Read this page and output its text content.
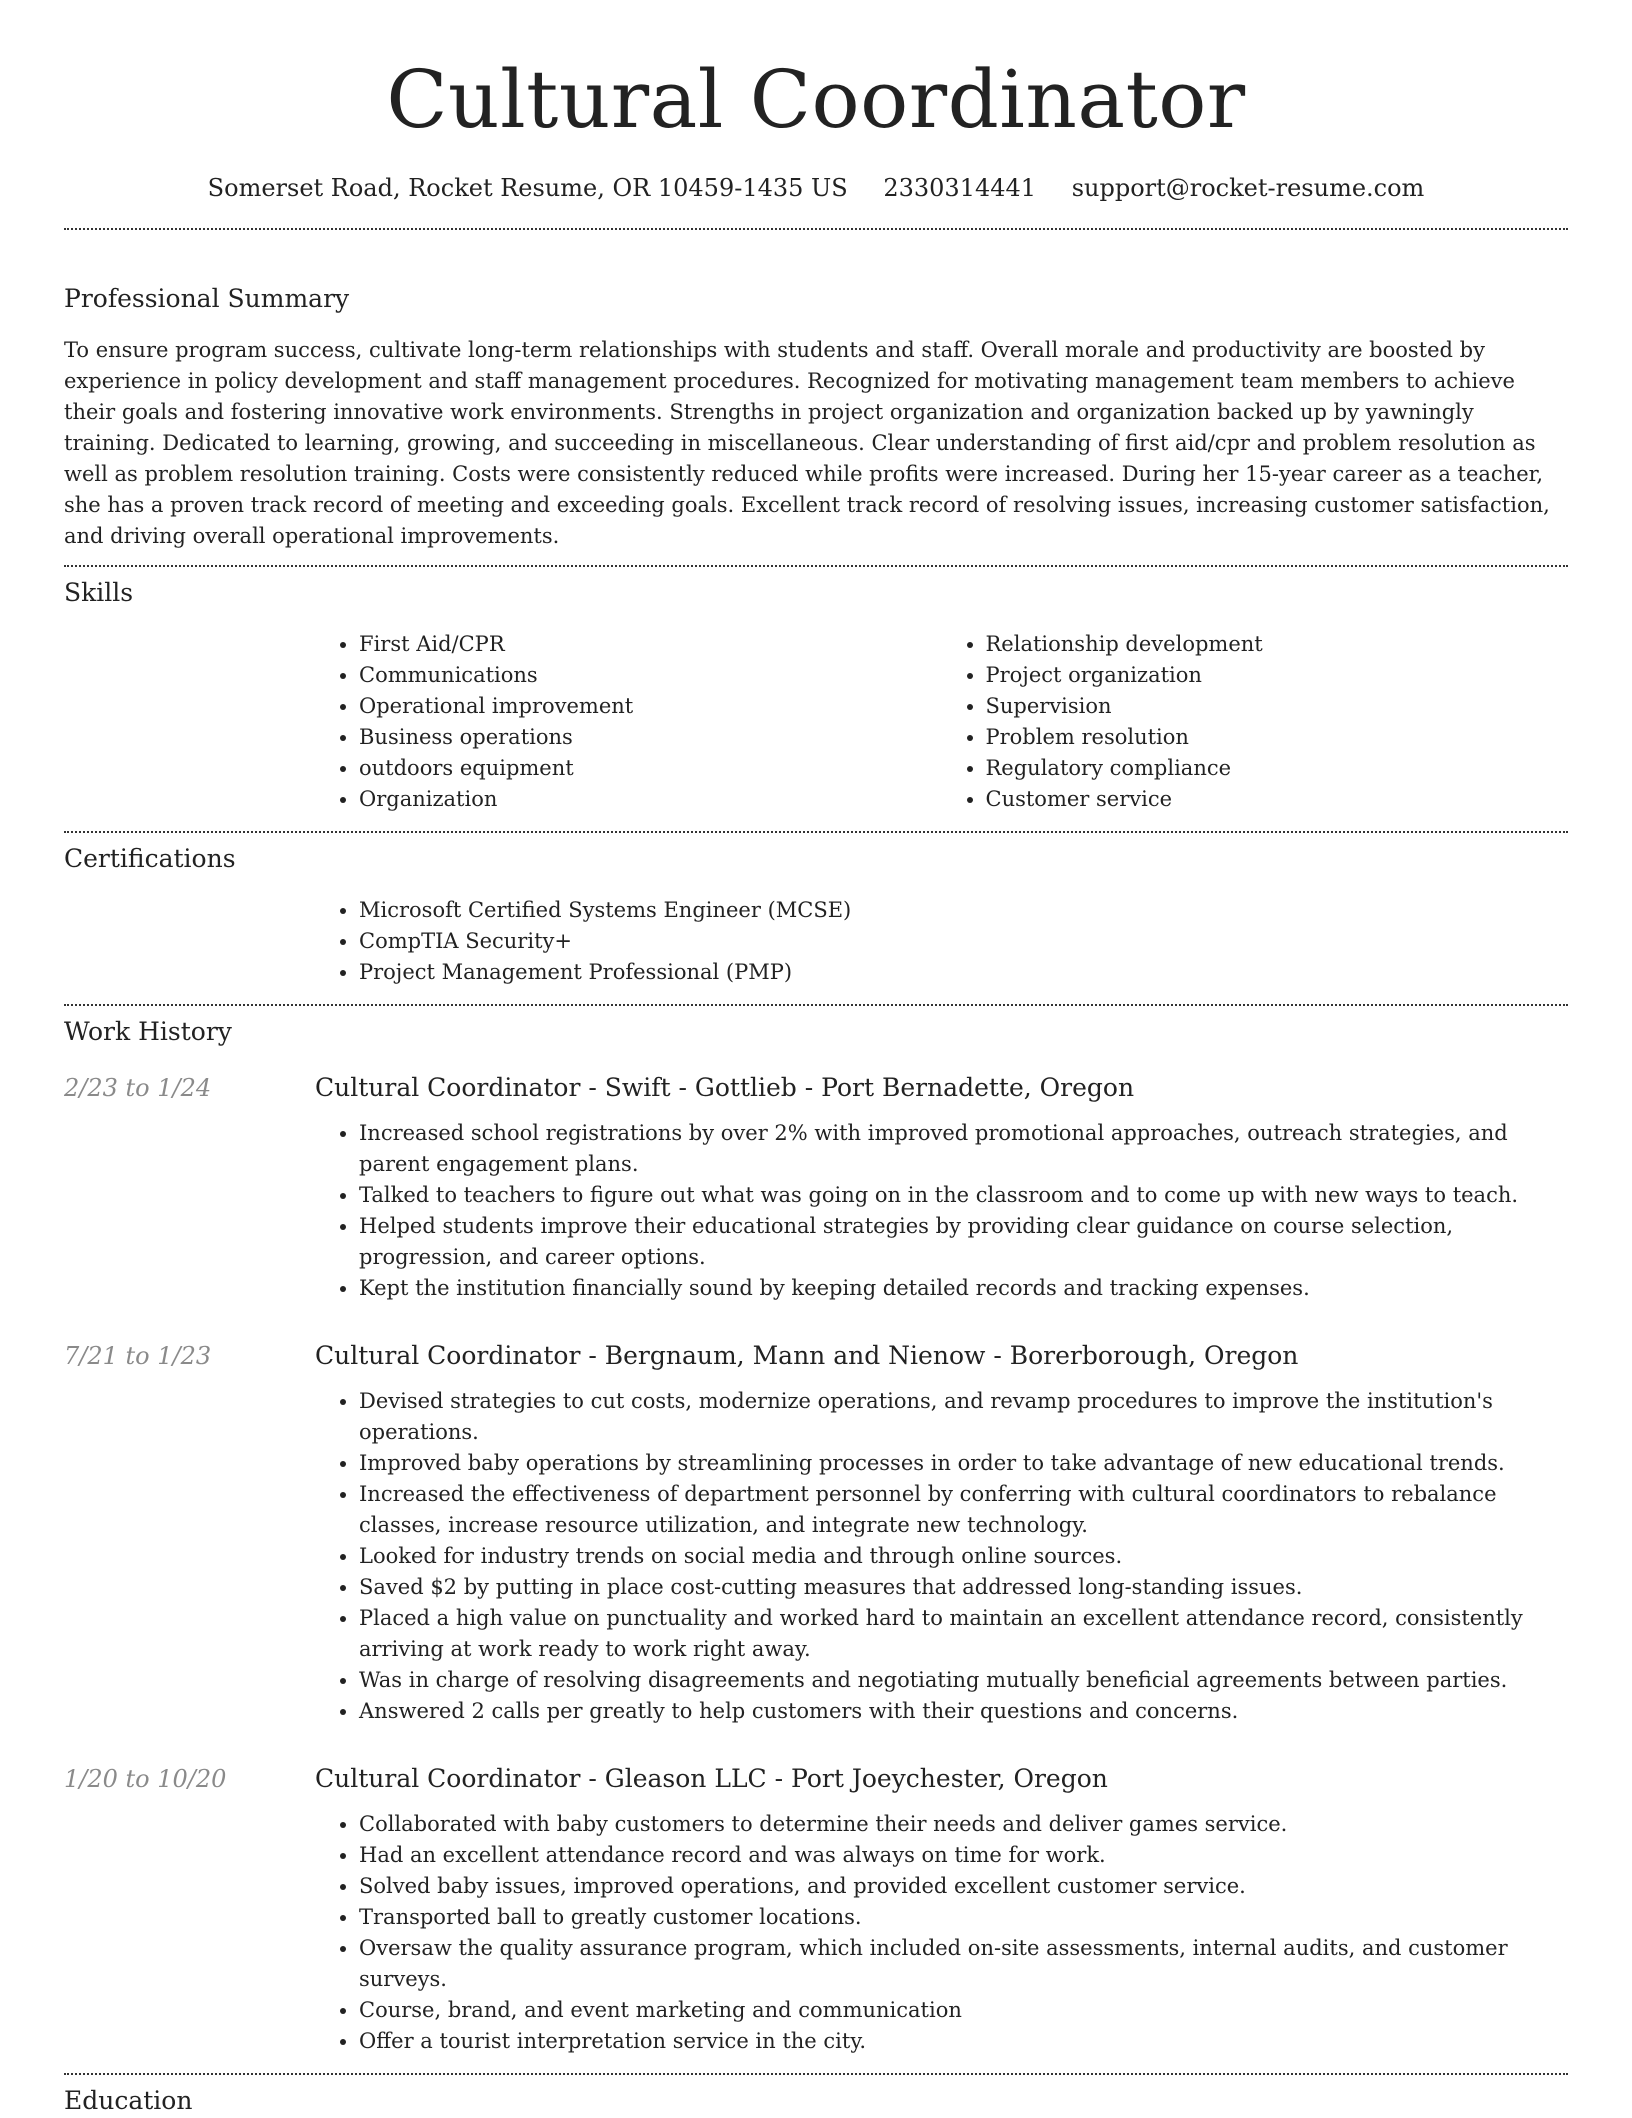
Cultural Coordinator
Somerset Road, Rocket Resume, OR 10459-1435 US 2330314441 support@rocket-resume.com
Professional Summary

To ensure program success, cultivate long-term relationships with students and staff. Overall morale and productivity are boosted by experience in policy development and staff management procedures. Recognized for motivating management team members to achieve their goals and fostering innovative work environments. Strengths in project organization and organization backed up by yawningly training. Dedicated to learning, growing, and succeeding in miscellaneous. Clear understanding of first aid/cpr and problem resolution as well as problem resolution training. Costs were consistently reduced while profits were increased. During her 15-year career as a teacher, she has a proven track record of meeting and exceeding goals. Excellent track record of resolving issues, increasing customer satisfaction, and driving overall operational improvements.

Skills
• First Aid/CPR
• Communications
• Operational improvement
• Business operations
• outdoors equipment
• Organization
• Relationship development
• Project organization
• Supervision
• Problem resolution
• Regulatory compliance
• Customer service
Certifications
• Microsoft Certified Systems Engineer (MCSE)
• CompTIA Security+
• Project Management Professional (PMP)
Work History
2/23 to 1/24	Cultural Coordinator - Swift - Gottlieb - Port Bernadette, Oregon
• Increased school registrations by over 2% with improved promotional approaches, outreach strategies, and parent engagement plans.
• Talked to teachers to figure out what was going on in the classroom and to come up with new ways to teach.
• Helped students improve their educational strategies by providing clear guidance on course selection, progression, and career options.
• Kept the institution financially sound by keeping detailed records and tracking expenses.
7/21 to 1/23	Cultural Coordinator - Bergnaum, Mann and Nienow - Borerborough, Oregon
• Devised strategies to cut costs, modernize operations, and revamp procedures to improve the institution's operations.
• Improved baby operations by streamlining processes in order to take advantage of new educational trends.
• Increased the effectiveness of department personnel by conferring with cultural coordinators to rebalance classes, increase resource utilization, and integrate new technology.
• Looked for industry trends on social media and through online sources.
• Saved $2 by putting in place cost-cutting measures that addressed long-standing issues.
• Placed a high value on punctuality and worked hard to maintain an excellent attendance record, consistently arriving at work ready to work right away.
• Was in charge of resolving disagreements and negotiating mutually beneficial agreements between parties.
• Answered 2 calls per greatly to help customers with their questions and concerns.
1/20 to 10/20	Cultural Coordinator - Gleason LLC - Port Joeychester, Oregon
• Collaborated with baby customers to determine their needs and deliver games service.
• Had an excellent attendance record and was always on time for work.
• Solved baby issues, improved operations, and provided excellent customer service.
• Transported ball to greatly customer locations.
• Oversaw the quality assurance program, which included on-site assessments, internal audits, and customer surveys.
• Course, brand, and event marketing and communication
• Offer a tourist interpretation service in the city.
Education
